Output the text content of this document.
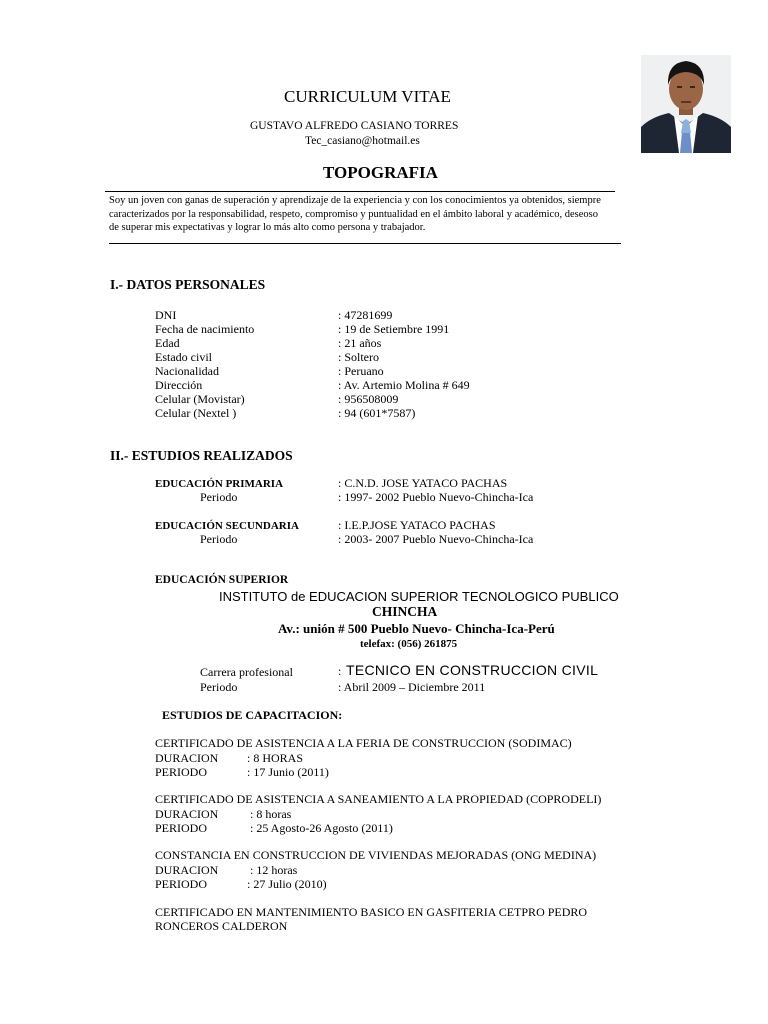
CURRICULUM VITAE
GUSTAVO ALFREDO CASIANO TORRES
Tec_casiano@hotmail.es
TOPOGRAFIA
Soy un joven con ganas de superación y aprendizaje de la experiencia y con los conocimientos ya obtenidos, siempre
caracterizados por la responsabilidad, respeto, compromiso y puntualidad en el ámbito laboral y académico, deseoso
de superar mis expectativas y lograr lo más alto como persona y trabajador.
I.- DATOS PERSONALES
DNI	: 47281699
Fecha de nacimiento	: 19 de Setiembre 1991
Edad	: 21 años
Estado civil	: Soltero
Nacionalidad	: Peruano
Dirección	: Av. Artemio Molina # 649
Celular (Movistar)	: 956508009
Celular (Nextel )	: 94 (601*7587)
II.- ESTUDIOS REALIZADOS
EDUCACIÓN PRIMARIA	: C.N.D. JOSE YATACO PACHAS
Periodo	: 1997- 2002 Pueblo Nuevo-Chincha-Ica
EDUCACIÓN SECUNDARIA	: I.E.P.JOSE YATACO PACHAS
Periodo	: 2003- 2007 Pueblo Nuevo-Chincha-Ica
EDUCACIÓN SUPERIOR
INSTITUTO de EDUCACION SUPERIOR TECNOLOGICO PUBLICO
CHINCHA
Av.: unión # 500 Pueblo Nuevo- Chincha-Ica-Perú
telefax: (056) 261875
Carrera profesional	: TECNICO EN CONSTRUCCION CIVIL
Periodo	: Abril 2009 – Diciembre 2011
ESTUDIOS DE CAPACITACION:
CERTIFICADO DE ASISTENCIA A LA FERIA DE CONSTRUCCION (SODIMAC)
DURACION : 8 HORAS
PERIODO	: 17 Junio (2011)
CERTIFICADO DE ASISTENCIA A SANEAMIENTO A LA PROPIEDAD (COPRODELI)
DURACION	: 8 horas
PERIODO	: 25 Agosto-26 Agosto (2011)
CONSTANCIA EN CONSTRUCCION DE VIVIENDAS MEJORADAS (ONG MEDINA)
DURACION	: 12 horas
PERIODO	: 27 Julio (2010)
CERTIFICADO EN MANTENIMIENTO BASICO EN GASFITERIA CETPRO PEDRO
RONCEROS CALDERON
